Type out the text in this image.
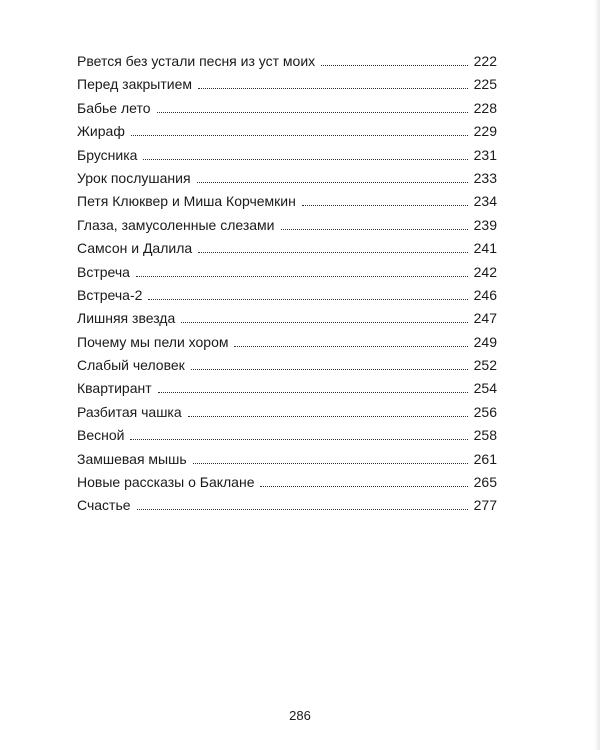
Рвется без устали песня из уст моих	222
Перед закрытием	225
Бабье лето	228
Жираф	229
Брусника	231
Урок послушания	233
Петя Клюквер и Миша Корчемкин	234
Глаза, замусоленные слезами	239
Самсон и Далила	241
Встреча	242
Встреча-2	246
Лишняя звезда	247
Почему мы пели хором	249
Слабый человек	252
Квартирант	254
Разбитая чашка	256
Весной	258
Замшевая мышь	261
Новые рассказы о Баклане	265
Счастье	277
286
